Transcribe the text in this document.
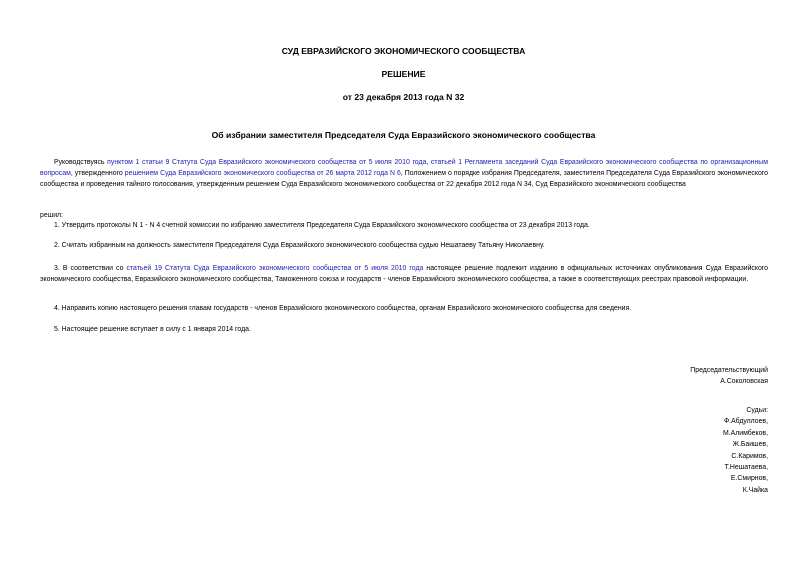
СУД ЕВРАЗИЙСКОГО ЭКОНОМИЧЕСКОГО СООБЩЕСТВА
РЕШЕНИЕ
от 23 декабря 2013 года N 32
Об избрании заместителя Председателя Суда Евразийского экономического сообщества
Руководствуясь пунктом 1 статьи 9 Статута Суда Евразийского экономического сообщества от 5 июля 2010 года, статьей 1 Регламента заседаний Суда Евразийского экономического сообщества по организационным вопросам, утвержденного решением Суда Евразийского экономического сообщества от 26 марта 2012 года N 6, Положением о порядке избрания Председателя, заместителя Председателя Суда Евразийского экономического сообщества и проведения тайного голосования, утвержденным решением Суда Евразийского экономического сообщества от 22 декабря 2012 года N 34, Суд Евразийского экономического сообщества
решил:
1. Утвердить протоколы N 1 - N 4 счетной комиссии по избранию заместителя Председателя Суда Евразийского экономического сообщества от 23 декабря 2013 года.
2. Считать избранным на должность заместителя Председателя Суда Евразийского экономического сообщества судью Нешатаеву Татьяну Николаевну.
3. В соответствии со статьей 19 Статута Суда Евразийского экономического сообщества от 5 июля 2010 года настоящее решение подлежит изданию в официальных источниках опубликования Суда Евразийского экономического сообщества, Евразийского экономического сообщества, Таможенного союза и государств - членов Евразийского экономического сообщества, а также в соответствующих реестрах правовой информации.
4. Направить копию настоящего решения главам государств - членов Евразийского экономического сообщества, органам Евразийского экономического сообщества для сведения.
5. Настоящее решение вступает в силу с 1 января 2014 года.
Председательствующий
А.Соколовская
Судьи:
Ф.Абдуллоев,
М.Алимбеков,
Ж.Баишев,
С.Каримов,
Т.Нешатаева,
Е.Смирнов,
К.Чайка
